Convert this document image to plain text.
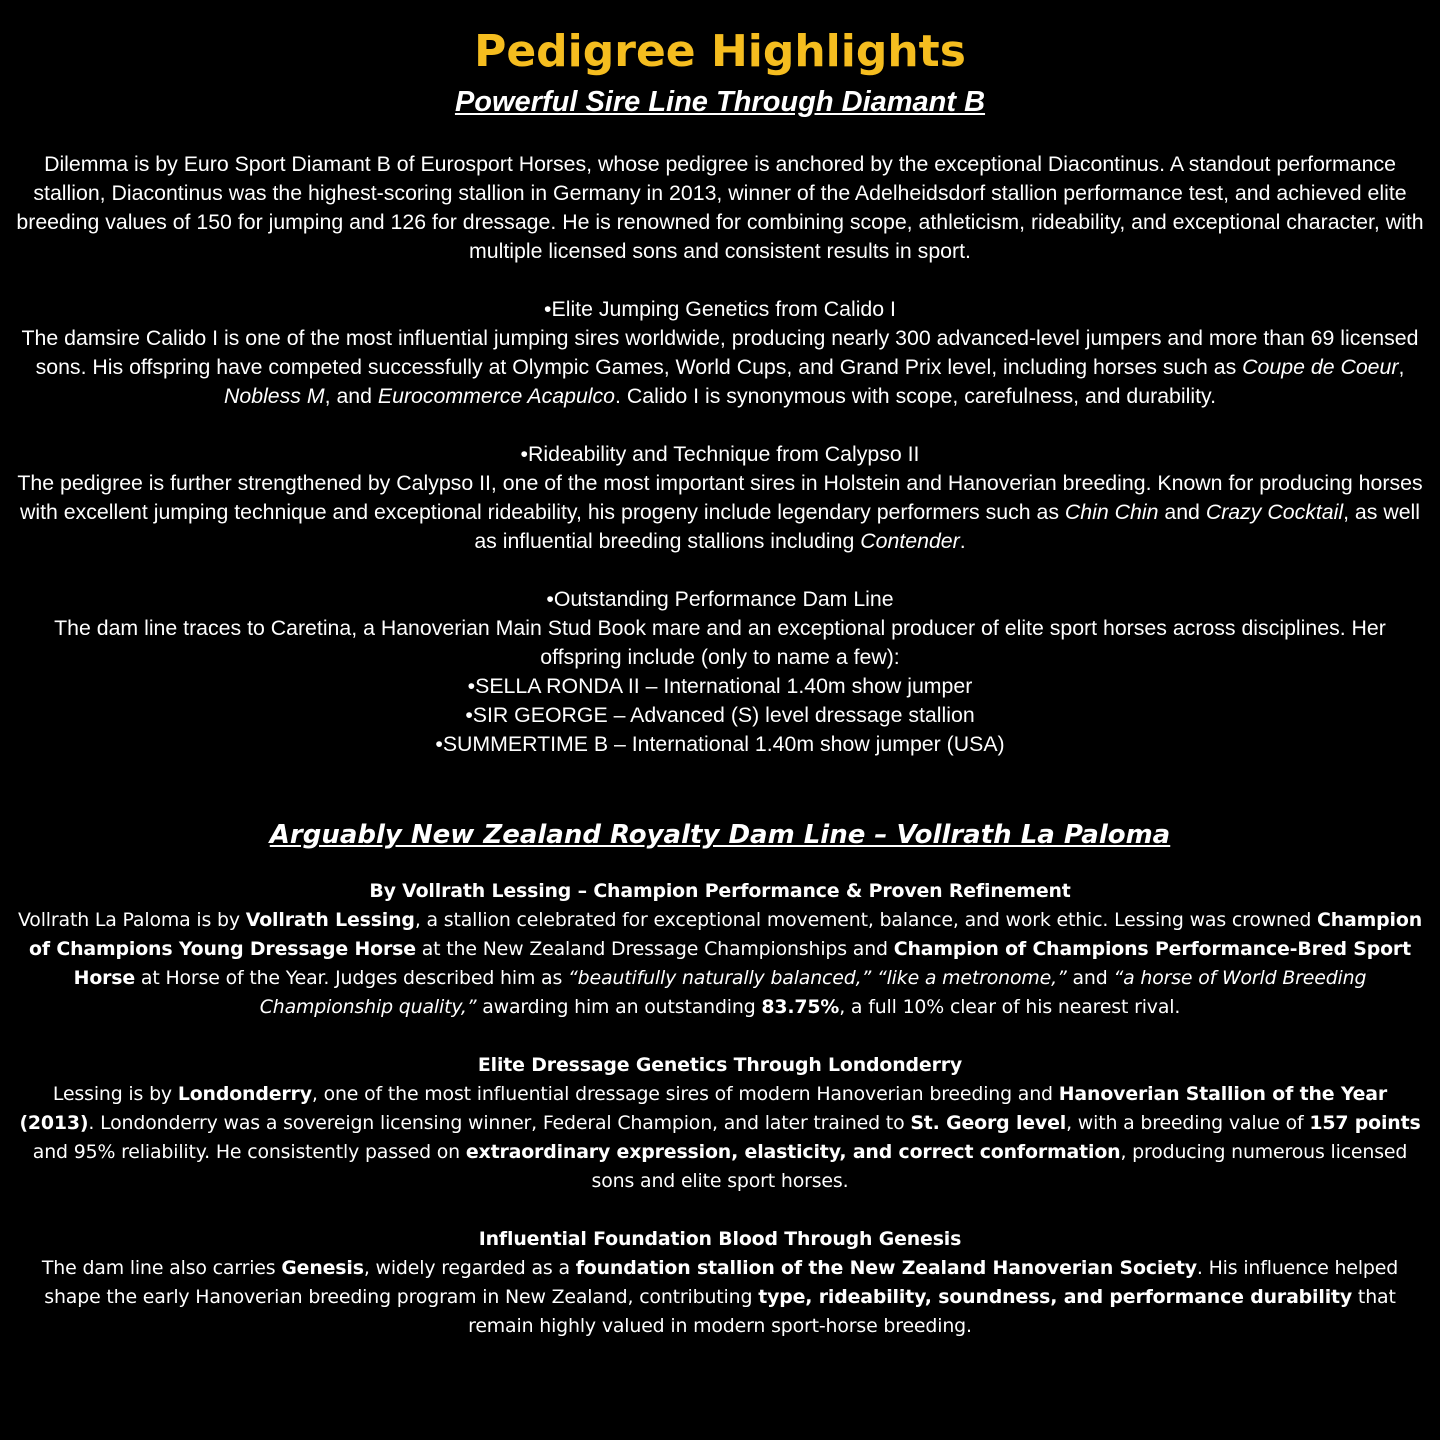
Pedigree Highlights
Powerful Sire Line Through Diamant B

Dilemma is by Euro Sport Diamant B of Eurosport Horses, whose pedigree is anchored by the exceptional Diacontinus. A standout performance stallion, Diacontinus was the highest-scoring stallion in Germany in 2013, winner of the Adelheidsdorf stallion performance test, and achieved elite breeding values of 150 for jumping and 126 for dressage. He is renowned for combining scope, athleticism, rideability, and exceptional character, with multiple licensed sons and consistent results in sport.

•Elite Jumping Genetics from Calido I

The damsire Calido I is one of the most influential jumping sires worldwide, producing nearly 300 advanced-level jumpers and more than 69 licensed sons. His offspring have competed successfully at Olympic Games, World Cups, and Grand Prix level, including horses such as Coupe de Coeur, Nobless M, and Eurocommerce Acapulco. Calido I is synonymous with scope, carefulness, and durability.

•Rideability and Technique from Calypso II

The pedigree is further strengthened by Calypso II, one of the most important sires in Holstein and Hanoverian breeding. Known for producing horses with excellent jumping technique and exceptional rideability, his progeny include legendary performers such as Chin Chin and Crazy Cocktail, as well as influential breeding stallions including Contender.

•Outstanding Performance Dam Line

The dam line traces to Caretina, a Hanoverian Main Stud Book mare and an exceptional producer of elite sport horses across disciplines. Her offspring include (only to name a few):

•SELLA RONDA II – International 1.40m show jumper
•SIR GEORGE – Advanced (S) level dressage stallion
•SUMMERTIME B – International 1.40m show jumper (USA)
Arguably New Zealand Royalty Dam Line – Vollrath La Paloma
By Vollrath Lessing – Champion Performance & Proven Refinement

Vollrath La Paloma is by Vollrath Lessing, a stallion celebrated for exceptional movement, balance, and work ethic. Lessing was crowned Champion of Champions Young Dressage Horse at the New Zealand Dressage Championships and Champion of Champions Performance-Bred Sport Horse at Horse of the Year. Judges described him as “beautifully naturally balanced,” “like a metronome,” and “a horse of World Breeding Championship quality,” awarding him an outstanding 83.75%, a full 10% clear of his nearest rival.

Elite Dressage Genetics Through Londonderry

Lessing is by Londonderry, one of the most influential dressage sires of modern Hanoverian breeding and Hanoverian Stallion of the Year (2013). Londonderry was a sovereign licensing winner, Federal Champion, and later trained to St. Georg level, with a breeding value of 157 points and 95% reliability. He consistently passed on extraordinary expression, elasticity, and correct conformation, producing numerous licensed sons and elite sport horses.

Influential Foundation Blood Through Genesis

The dam line also carries Genesis, widely regarded as a foundation stallion of the New Zealand Hanoverian Society. His influence helped shape the early Hanoverian breeding program in New Zealand, contributing type, rideability, soundness, and performance durability that remain highly valued in modern sport-horse breeding.
